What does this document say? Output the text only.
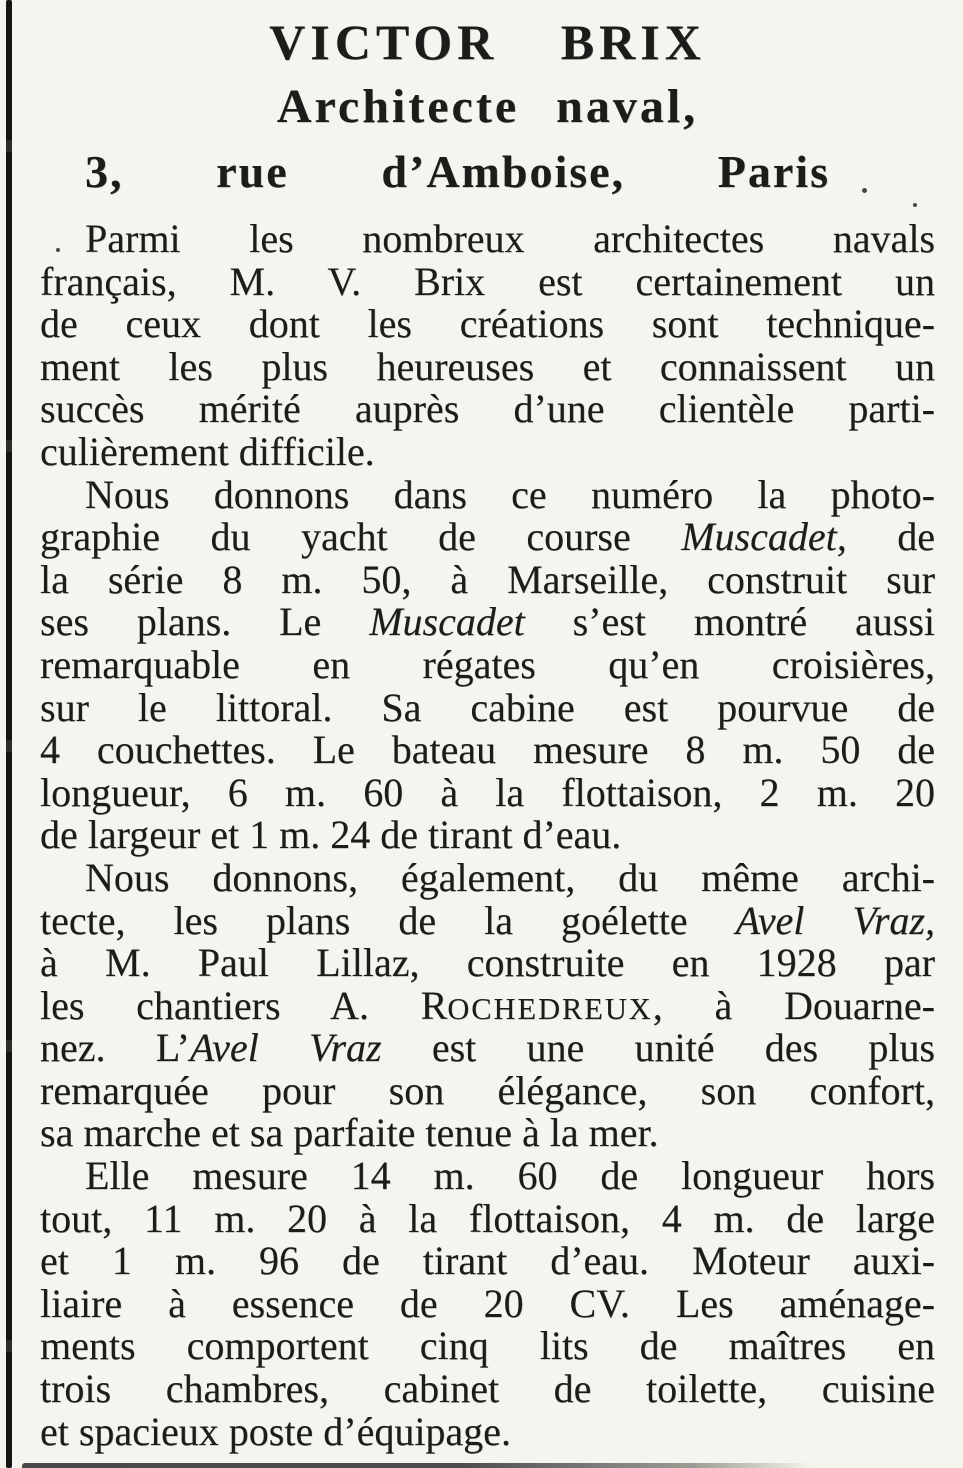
VICTOR BRIX
Architecte naval,
3, rue d’Amboise, Paris
Parmi les nombreux architectes navals
français, M. V. Brix est certainement un
de ceux dont les créations sont technique-
ment les plus heureuses et connaissent un
succès mérité auprès d’une clientèle parti-
culièrement difficile.
Nous donnons dans ce numéro la photo-
graphie du yacht de course Muscadet, de
la série 8 m. 50, à Marseille, construit sur
ses plans. Le Muscadet s’est montré aussi
remarquable en régates qu’en croisières,
sur le littoral. Sa cabine est pourvue de
4 couchettes. Le bateau mesure 8 m. 50 de
longueur, 6 m. 60 à la flottaison, 2 m. 20
de largeur et 1 m. 24 de tirant d’eau.
Nous donnons, également, du même archi-
tecte, les plans de la goélette Avel Vraz,
à M. Paul Lillaz, construite en 1928 par
les chantiers A. ROCHEDREUX, à Douarne-
nez. L’Avel Vraz est une unité des plus
remarquée pour son élégance, son confort,
sa marche et sa parfaite tenue à la mer.
Elle mesure 14 m. 60 de longueur hors
tout, 11 m. 20 à la flottaison, 4 m. de large
et 1 m. 96 de tirant d’eau. Moteur auxi-
liaire à essence de 20 CV. Les aménage-
ments comportent cinq lits de maîtres en
trois chambres, cabinet de toilette, cuisine
et spacieux poste d’équipage.
